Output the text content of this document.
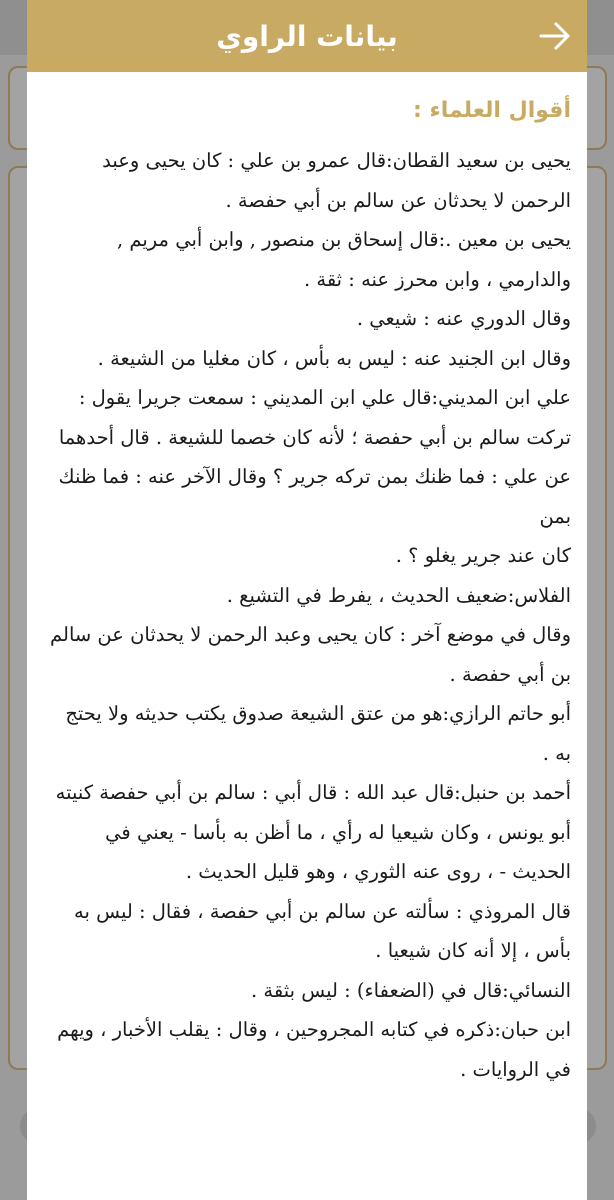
بيانات الراوي
أقوال العلماء :

يحيى بن سعيد القطان:قال عمرو بن علي : كان يحيى وعبد الرحمن لا يحدثان عن سالم بن أبي حفصة .

يحيى بن معين .:قال إسحاق بن منصور , وابن أبي مريم , والدارمي ، وابن محرز عنه : ثقة .

وقال الدوري عنه : شيعي .

وقال ابن الجنيد عنه : ليس به بأس ، كان مغليا من الشيعة .

علي ابن المديني:قال علي ابن المديني : سمعت جريرا يقول : تركت سالم بن أبي حفصة ؛ لأنه كان خصما للشيعة . قال أحدهما عن علي : فما ظنك بمن تركه جرير ؟ وقال الآخر عنه : فما ظنك بمن

كان عند جرير يغلو ؟ .

الفلاس:ضعيف الحديث ، يفرط في التشيع .

وقال في موضع آخر : كان يحيى وعبد الرحمن لا يحدثان عن سالم بن أبي حفصة .

أبو حاتم الرازي:هو من عتق الشيعة صدوق يكتب حديثه ولا يحتج به .

أحمد بن حنبل:قال عبد الله : قال أبي : سالم بن أبي حفصة كنيته أبو يونس ، وكان شيعيا له رأي ، ما أظن به بأسا - يعني في الحديث - ، روى عنه الثوري ، وهو قليل الحديث .

قال المروذي : سألته عن سالم بن أبي حفصة ، فقال : ليس به بأس ، إلا أنه كان شيعيا .

النسائي:قال في (الضعفاء) : ليس بثقة .

ابن حبان:ذكره في كتابه المجروحين ، وقال : يقلب الأخبار ، ويهم في الروايات .
